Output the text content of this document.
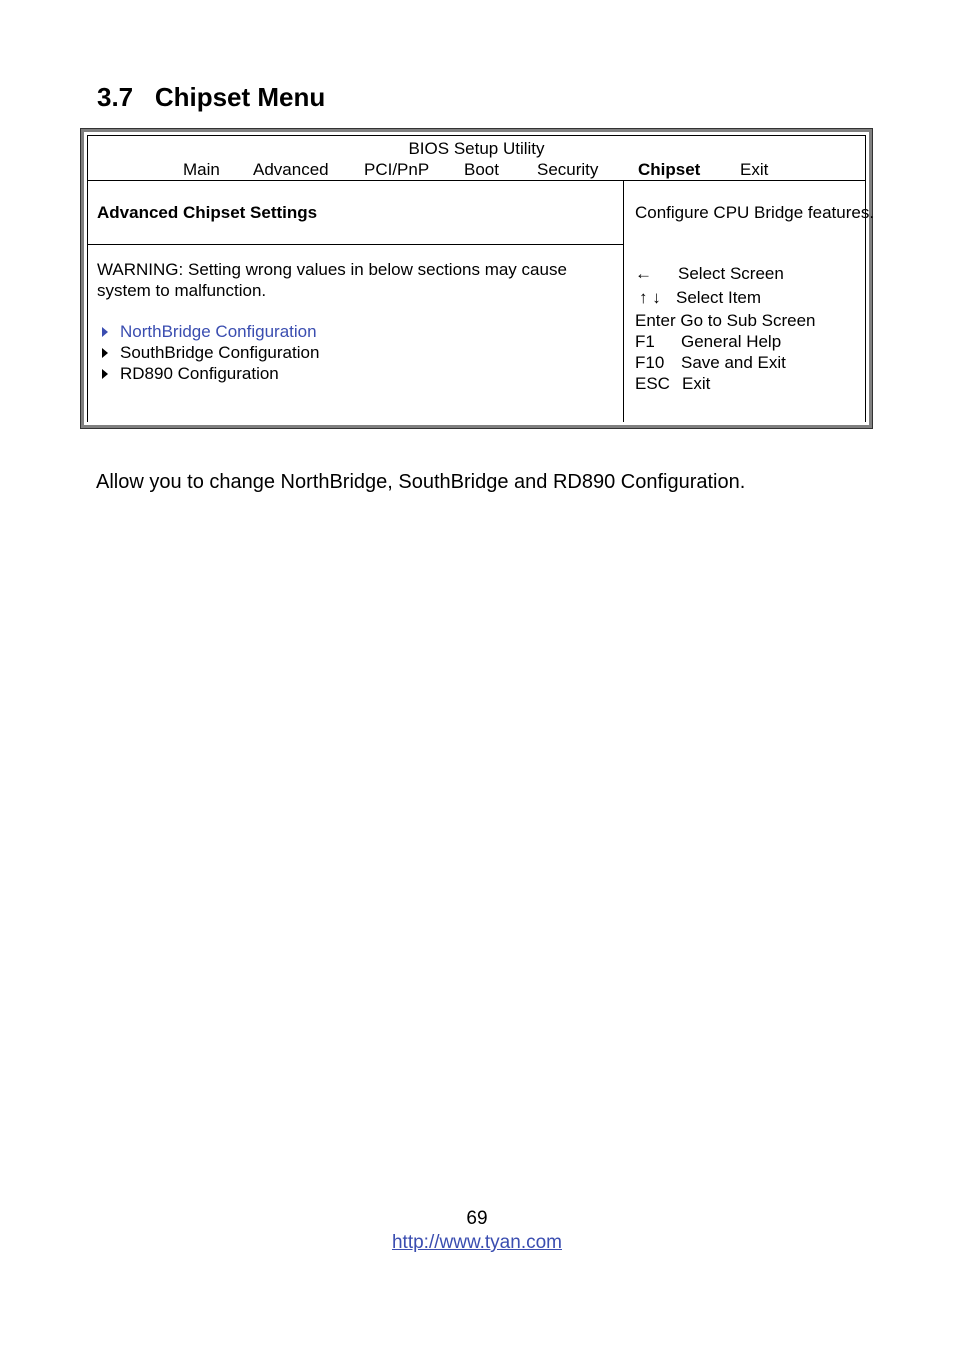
3.7 Chipset Menu
BIOS Setup Utility
Main Advanced PCI/PnP Boot Security Chipset Exit
Advanced Chipset Settings

WARNING: Setting wrong values in below sections may cause system to malfunction.

NorthBridge Configuration
SouthBridge Configuration
RD890 Configuration
Configure CPU Bridge features.
← Select Screen
↑ ↓ Select Item
Enter Go to Sub Screen
F1 General Help
F10 Save and Exit
ESC Exit

Allow you to change NorthBridge, SouthBridge and RD890 Configuration.

69
http://www.tyan.com
